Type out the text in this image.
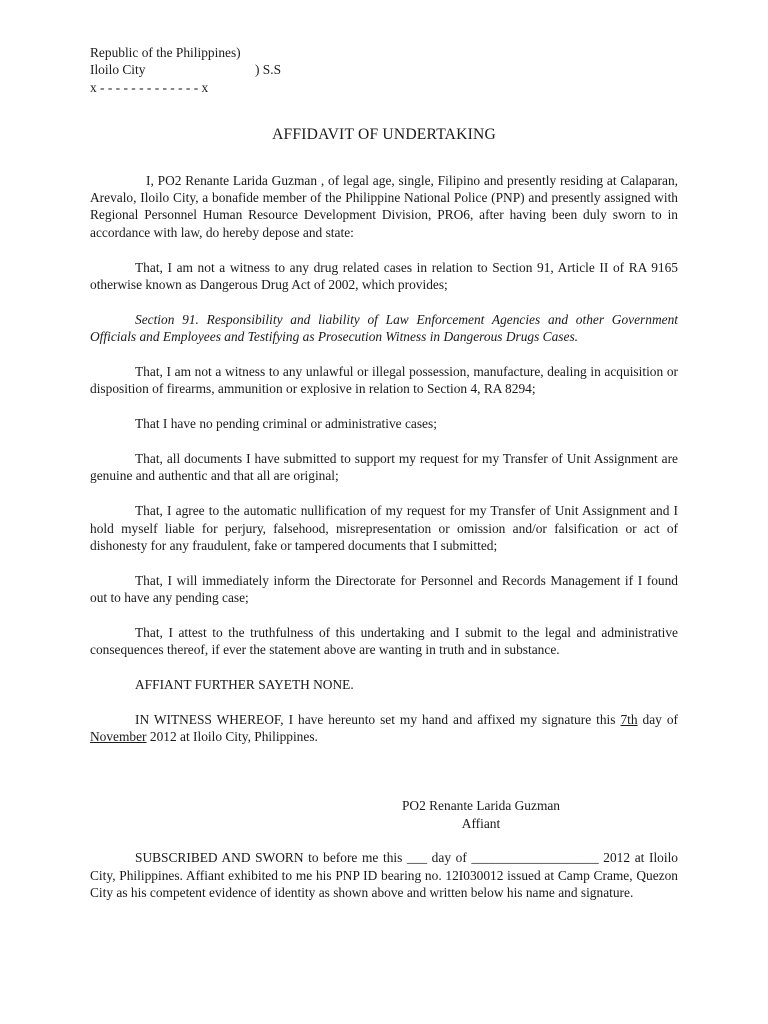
Republic of the Philippines)
Iloilo City	) S.S
x - - - - - - - - - - - - - x
AFFIDAVIT OF UNDERTAKING

I, PO2 Renante Larida Guzman , of legal age, single, Filipino and presently residing at Calaparan, Arevalo, Iloilo City, a bonafide member of the Philippine National Police (PNP) and presently assigned with Regional Personnel Human Resource Development Division, PRO6, after having been duly sworn to in accordance with law, do hereby depose and state:

That, I am not a witness to any drug related cases in relation to Section 91, Article II of RA 9165 otherwise known as Dangerous Drug Act of 2002, which provides;

Section 91. Responsibility and liability of Law Enforcement Agencies and other Government Officials and Employees and Testifying as Prosecution Witness in Dangerous Drugs Cases.

That, I am not a witness to any unlawful or illegal possession, manufacture, dealing in acquisition or disposition of firearms, ammunition or explosive in relation to Section 4, RA 8294;

That I have no pending criminal or administrative cases;

That, all documents I have submitted to support my request for my Transfer of Unit Assignment are genuine and authentic and that all are original;

That, I agree to the automatic nullification of my request for my Transfer of Unit Assignment and I hold myself liable for perjury, falsehood, misrepresentation or omission and/or falsification or act of dishonesty for any fraudulent, fake or tampered documents that I submitted;

That, I will immediately inform the Directorate for Personnel and Records Management if I found out to have any pending case;

That, I attest to the truthfulness of this undertaking and I submit to the legal and administrative consequences thereof, if ever the statement above are wanting in truth and in substance.

AFFIANT FURTHER SAYETH NONE.

IN WITNESS WHEREOF, I have hereunto set my hand and affixed my signature this 7th day of November 2012 at Iloilo City, Philippines.

PO2 Renante Larida Guzman
Affiant

SUBSCRIBED AND SWORN to before me this ___ day of ___________________ 2012 at Iloilo City, Philippines. Affiant exhibited to me his PNP ID bearing no. 12I030012 issued at Camp Crame, Quezon City as his competent evidence of identity as shown above and written below his name and signature.
